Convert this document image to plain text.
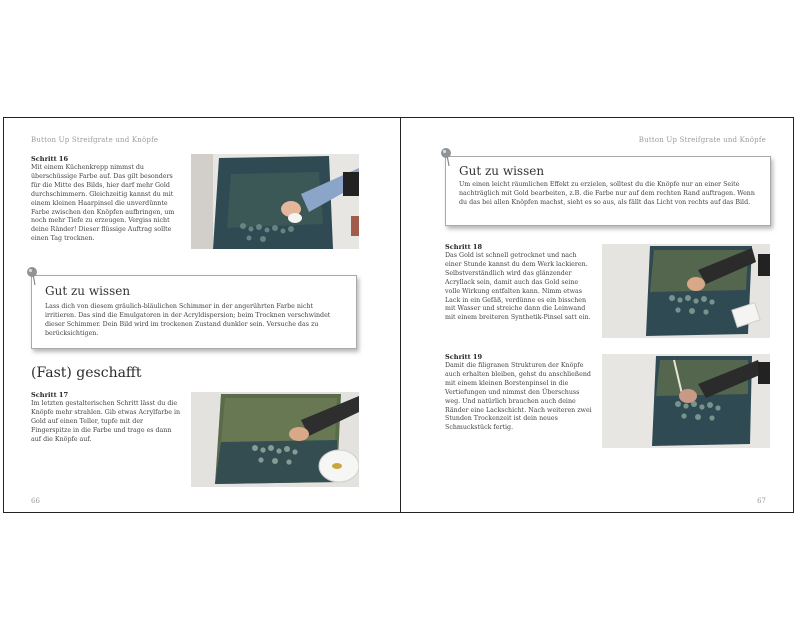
Button Up Streifgrate und Knöpfe
Schritt 16

Mit einem Küchenkrepp nimmst du überschüssige Farbe auf. Das gilt besonders für die Mitte des Bilds, hier darf mehr Gold durchschimmern. Gleichzeitig kannst du mit einem kleinen Haarpinsel die unverdünnte Farbe zwischen den Knöpfen aufbringen, um noch mehr Tiefe zu erzeugen. Vergiss nicht deine Ränder! Dieser flüssige Auftrag sollte einen Tag trocknen.

Gut zu wissen

Lass dich von diesem gräulich-bläulichen Schimmer in der angerührten Farbe nicht irritieren. Das sind die Emulgatoren in der Acryldispersion; beim Trocknen verschwindet dieser Schimmer. Dein Bild wird im trockenen Zustand dunkler sein. Versuche das zu berücksichtigen.

(Fast) geschafft
Schritt 17

Im letzten gestalterischen Schritt lässt du die Knöpfe mehr strahlen. Gib etwas Acrylfarbe in Gold auf einen Teller, tupfe mit der Fingerspitze in die Farbe und trage es dann auf die Knöpfe auf.

66
Button Up Streifgrate und Knöpfe
Gut zu wissen

Um einen leicht räumlichen Effekt zu erzielen, solltest du die Knöpfe nur an einer Seite nachträglich mit Gold bearbeiten, z.B. die Farbe nur auf dem rechten Rand auftragen. Wenn du das bei allen Knöpfen machst, sieht es so aus, als fällt das Licht von rechts auf das Bild.

Schritt 18

Das Gold ist schnell getrocknet und nach einer Stunde kannst du dem Werk lackieren. Selbstverständlich wird das glänzender Acryllack sein, damit auch das Gold seine volle Wirkung entfalten kann. Nimm etwas Lack in ein Gefäß, verdünne es ein bisschen mit Wasser und streiche dann die Leinwand mit einem breiteren Synthetik-Pinsel satt ein.

Schritt 19

Damit die filigranen Strukturen der Knöpfe auch erhalten bleiben, gehst du anschließend mit einem kleinen Borstenpinsel in die Vertiefungen und nimmst den Überschuss weg. Und natürlich brauchen auch deine Ränder eine Lackschicht. Nach weiteren zwei Stunden Trockenzeit ist dein neues Schmuckstück fertig.

67
